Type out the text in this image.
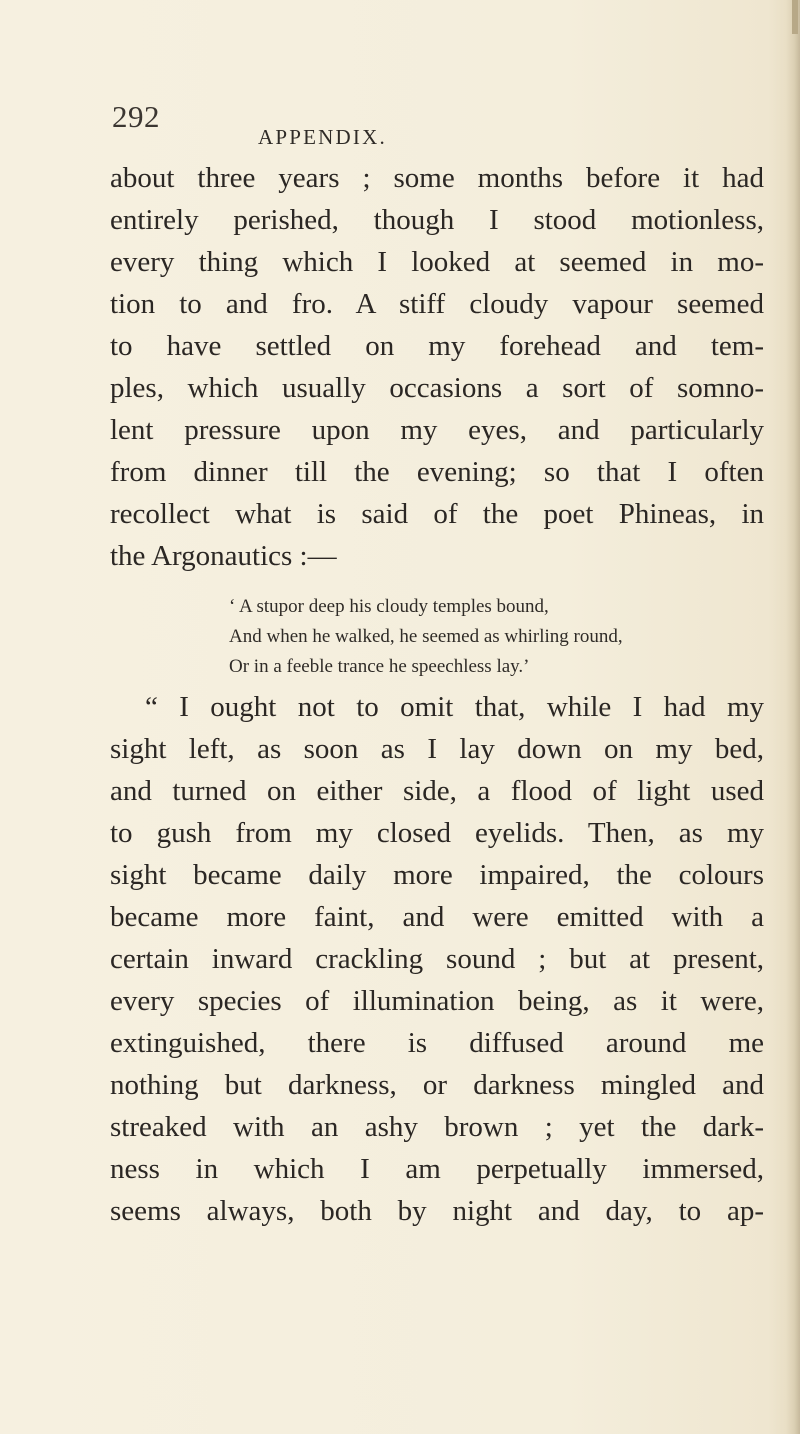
292
APPENDIX.
about three years ; some months before it had
entirely perished, though I stood motionless,
every thing which I looked at seemed in mo-
tion to and fro. A stiff cloudy vapour seemed
to have settled on my forehead and tem-
ples, which usually occasions a sort of somno-
lent pressure upon my eyes, and particularly
from dinner till the evening; so that I often
recollect what is said of the poet Phineas, in
the Argonautics :—
‘ A stupor deep his cloudy temples bound,
And when he walked, he seemed as whirling round,
Or in a feeble trance he speechless lay.’
“ I ought not to omit that, while I had my
sight left, as soon as I lay down on my bed,
and turned on either side, a flood of light used
to gush from my closed eyelids. Then, as my
sight became daily more impaired, the colours
became more faint, and were emitted with a
certain inward crackling sound ; but at present,
every species of illumination being, as it were,
extinguished, there is diffused around me
nothing but darkness, or darkness mingled and
streaked with an ashy brown ; yet the dark-
ness in which I am perpetually immersed,
seems always, both by night and day, to ap-
